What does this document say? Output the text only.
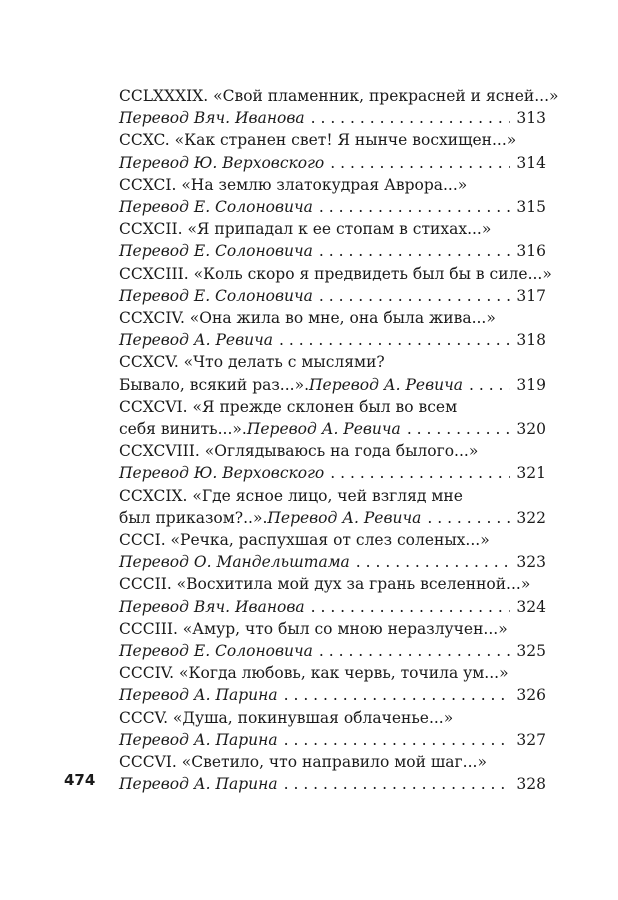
CCLXXXIX. «Свой пламенник, прекрасней и ясней...»
Перевод Вяч. Иванова . . .	313
CCXC. «Как странен свет! Я нынче восхищен...»
Перевод Ю. Верховского . . .	314
CCXCI. «На землю златокудрая Аврора...»
Перевод Е. Солоновича . . .	315
CCXCII. «Я припадал к ее стопам в стихах...»
Перевод Е. Солоновича . . .	316
CCXCIII. «Коль скоро я предвидеть был бы в силе...»
Перевод Е. Солоновича . . .	317
CCXCIV. «Она жила во мне, она была жива...»
Перевод А. Ревича . . .	318
CCXCV. «Что делать с мыслями?
Бывало, всякий раз...». Перевод А. Ревича . . .	319
CCXCVI. «Я прежде склонен был во всем
себя винить...». Перевод А. Ревича . . .	320
CCXCVIII. «Оглядываюсь на года былого...»
Перевод Ю. Верховского . . .	321
CCXCIX. «Где ясное лицо, чей взгляд мне
был приказом?..». Перевод А. Ревича . . .	322
CCCI. «Речка, распухшая от слез соленых...»
Перевод О. Мандельштама . . .	323
CCCII. «Восхитила мой дух за грань вселенной...»
Перевод Вяч. Иванова . . .	324
CCCIII. «Амур, что был со мною неразлучен...»
Перевод Е. Солоновича . . .	325
CCCIV. «Когда любовь, как червь, точила ум...»
Перевод А. Парина . . .	326
CCCV. «Душа, покинувшая облаченье...»
Перевод А. Парина . . .	327
CCCVI. «Светило, что направило мой шаг...»
Перевод А. Парина . . .	328
474
